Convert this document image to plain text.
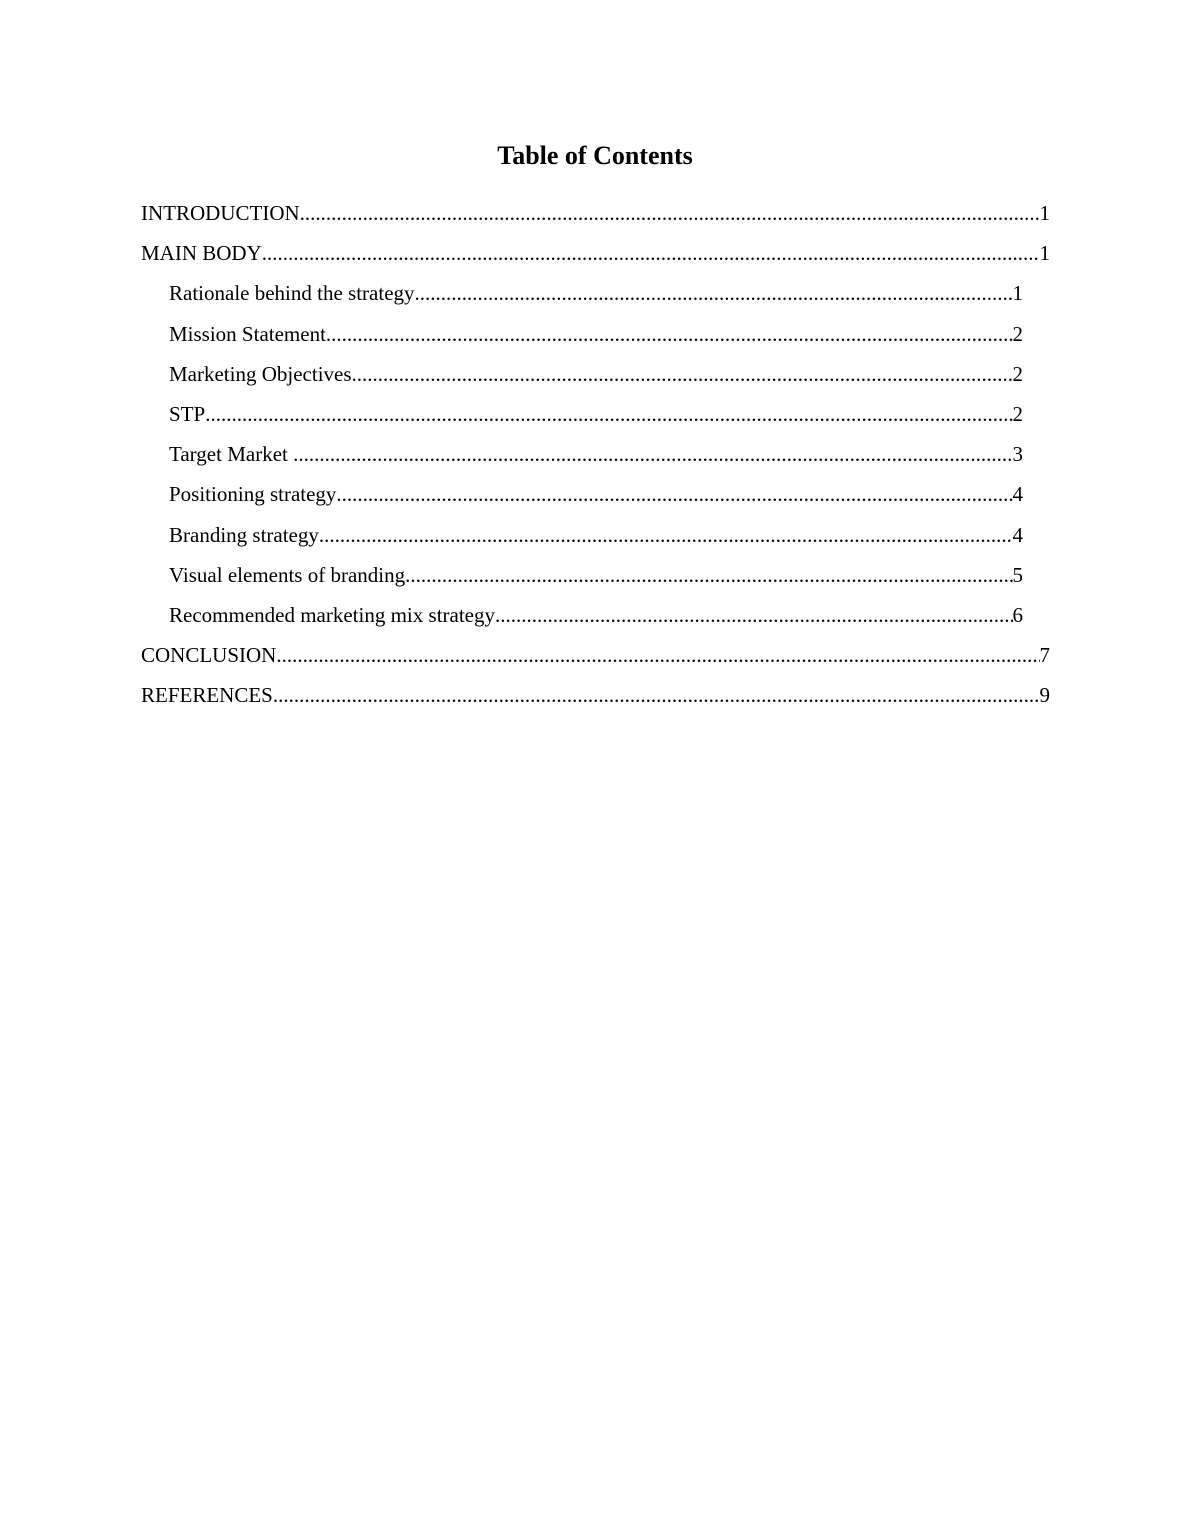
Table of Contents
INTRODUCTION .....	1
MAIN BODY .....	1
Rationale behind the strategy .....	1
Mission Statement .....	2
Marketing Objectives .....	2
STP .....	2
Target Market .....	3
Positioning strategy .....	4
Branding strategy .....	4
Visual elements of branding .....	5
Recommended marketing mix strategy .....	6
CONCLUSION .....	7
REFERENCES .....	9
